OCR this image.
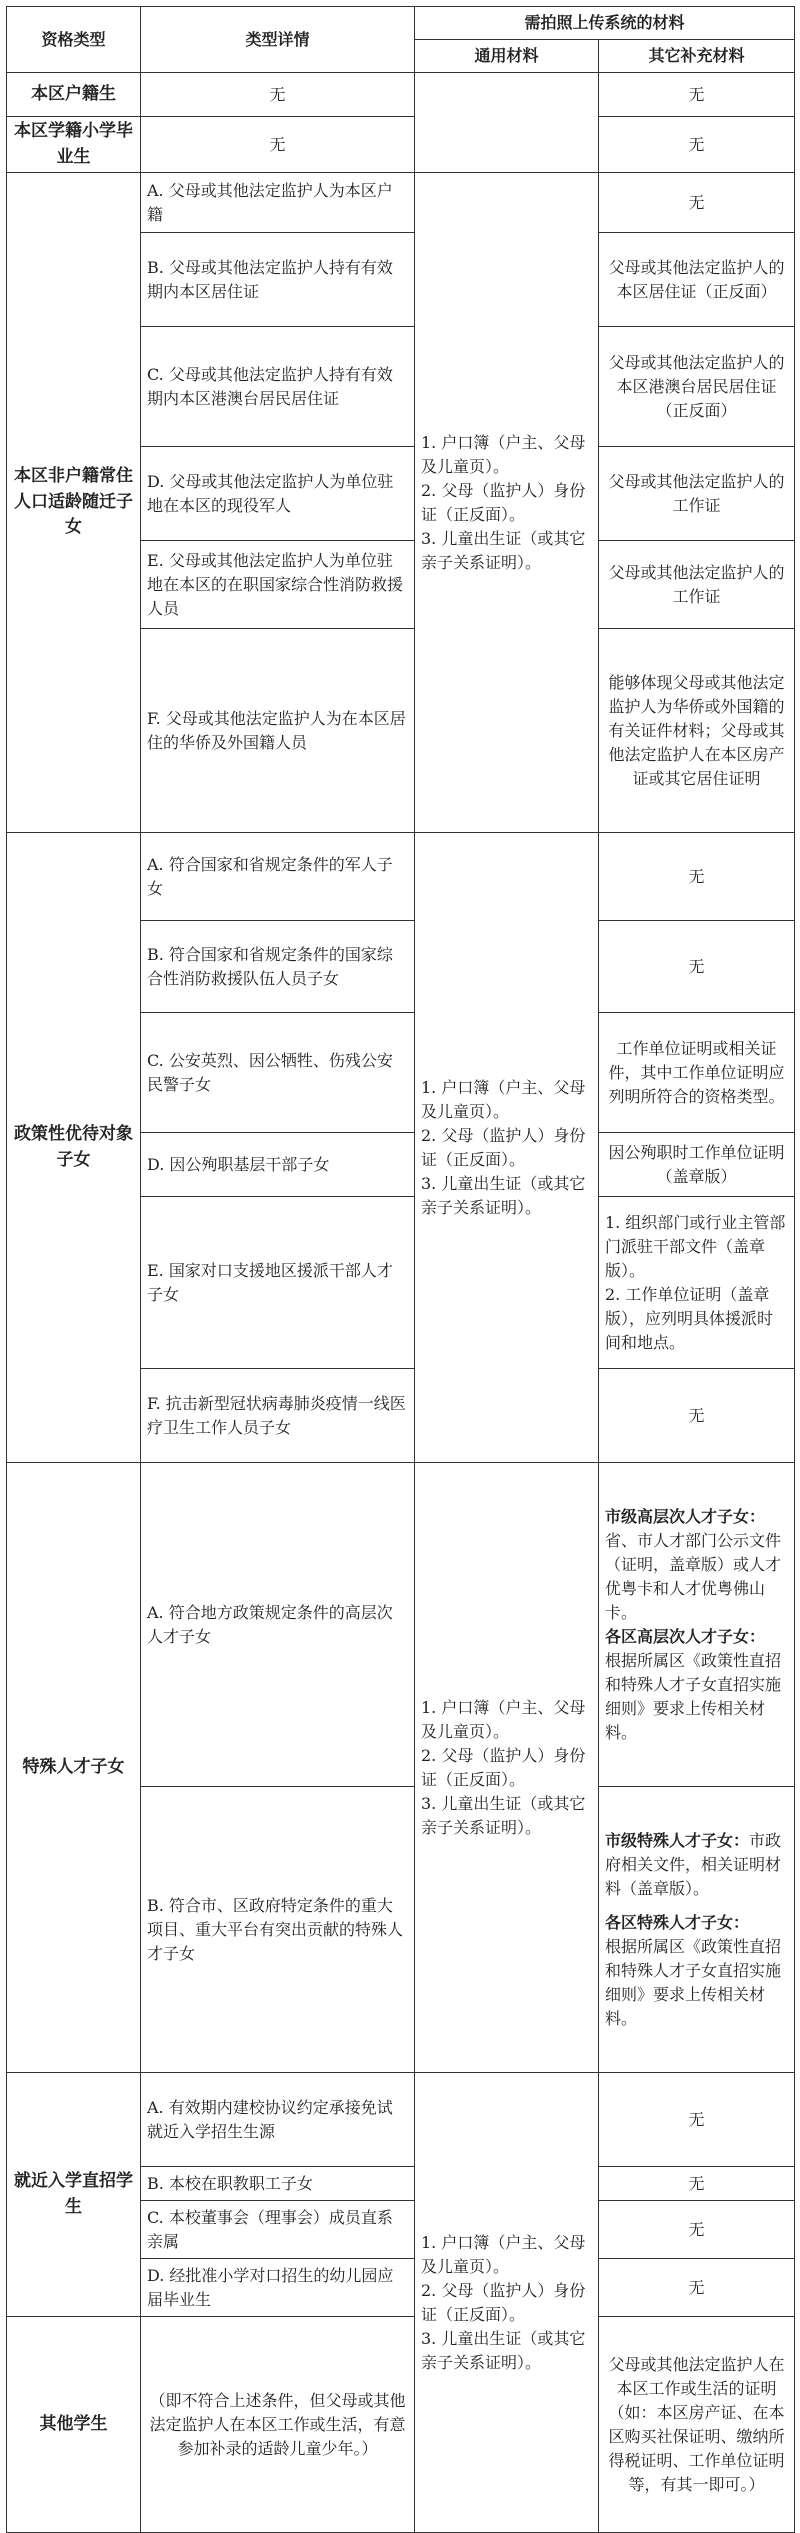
资格类型	类型详情	需拍照上传系统的材料	
		通用材料	其它补充材料
本区户籍生	无		无
本区学籍小学毕业生	无		无
本区非户籍常住人口适龄随迁子女	A. 父母或其他法定监护人为本区户籍	1. 户口簿（户主、父母及儿童页）。
2. 父母（监护人）身份证（正反面）。
3. 儿童出生证（或其它亲子关系证明）。	无
	B. 父母或其他法定监护人持有有效期内本区居住证		父母或其他法定监护人的本区居住证（正反面）
	C. 父母或其他法定监护人持有有效期内本区港澳台居民居住证		父母或其他法定监护人的本区港澳台居民居住证（正反面）
	D. 父母或其他法定监护人为单位驻地在本区的现役军人		父母或其他法定监护人的工作证
	E. 父母或其他法定监护人为单位驻地在本区的在职国家综合性消防救援人员		父母或其他法定监护人的工作证
	F. 父母或其他法定监护人为在本区居住的华侨及外国籍人员		能够体现父母或其他法定监护人为华侨或外国籍的有关证件材料；父母或其他法定监护人在本区房产证或其它居住证明
政策性优待对象子女	A. 符合国家和省规定条件的军人子女	1. 户口簿（户主、父母及儿童页）。
2. 父母（监护人）身份证（正反面）。
3. 儿童出生证（或其它亲子关系证明）。	无
	B. 符合国家和省规定条件的国家综合性消防救援队伍人员子女		无
	C. 公安英烈、因公牺牲、伤残公安民警子女		工作单位证明或相关证件，其中工作单位证明应列明所符合的资格类型。
	D. 因公殉职基层干部子女		因公殉职时工作单位证明（盖章版）
	E. 国家对口支援地区援派干部人才子女		1. 组织部门或行业主管部门派驻干部文件（盖章版）。
2. 工作单位证明（盖章版），应列明具体援派时间和地点。

	F. 抗击新型冠状病毒肺炎疫情一线医疗卫生工作人员子女		无
特殊人才子女	A. 符合地方政策规定条件的高层次人才子女	1. 户口簿（户主、父母及儿童页）。
2. 父母（监护人）身份证（正反面）。
3. 儿童出生证（或其它亲子关系证明）。	市级高层次人才子女：省、市人才部门公示文件（证明，盖章版）或人才优粤卡和人才优粤佛山卡。
各区高层次人才子女：
根据所属区《政策性直招和特殊人才子女直招实施细则》要求上传相关材料。
	B. 符合市、区政府特定条件的重大项目、重大平台有突出贡献的特殊人才子女		市级特殊人才子女：市政府相关文件，相关证明材料（盖章版）。
各区特殊人才子女：
根据所属区《政策性直招和特殊人才子女直招实施细则》要求上传相关材料。
就近入学直招学生	A. 有效期内建校协议约定承接免试就近入学招生生源	1. 户口簿（户主、父母及儿童页）。
2. 父母（监护人）身份证（正反面）。
3. 儿童出生证（或其它亲子关系证明）。	无
	B. 本校在职教职工子女		无
	C. 本校董事会（理事会）成员直系亲属		无
	D. 经批准小学对口招生的幼儿园应届毕业生		无
其他学生	（即不符合上述条件，但父母或其他法定监护人在本区工作或生活，有意参加补录的适龄儿童少年。）		父母或其他法定监护人在本区工作或生活的证明（如：本区房产证、在本区购买社保证明、缴纳所得税证明、工作单位证明等，有其一即可。）
